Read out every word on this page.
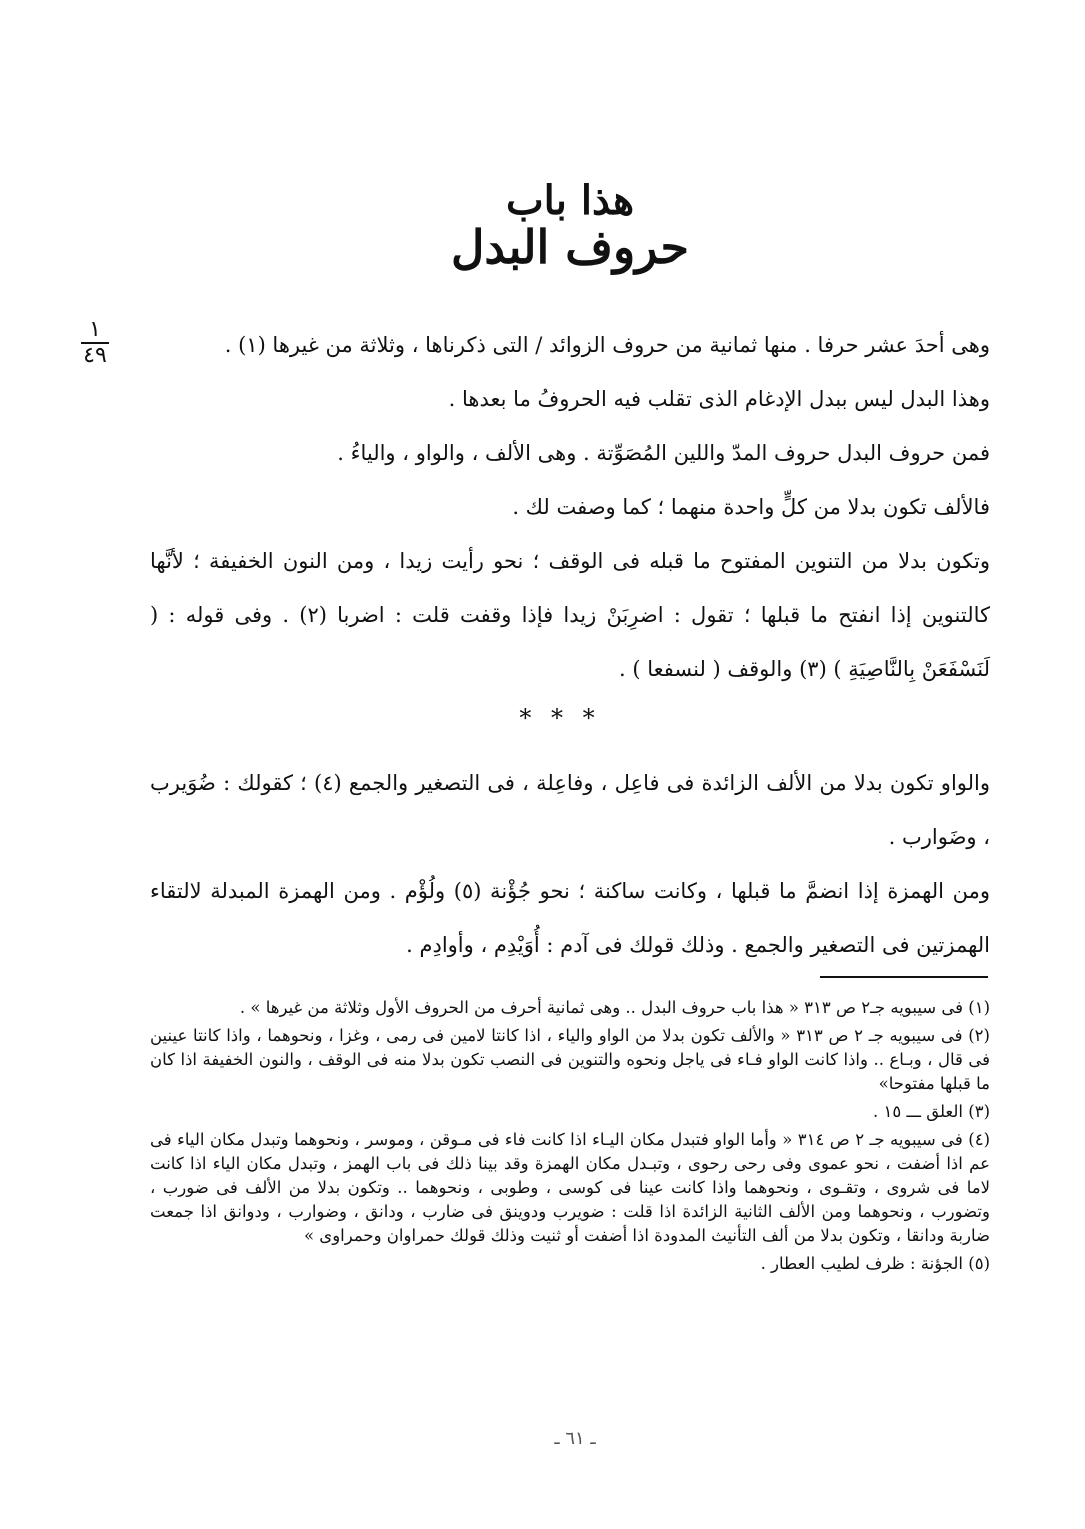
هذا باب
حروف البدل
١
٤٩	وهى أحدَ عشر حرفا . منها ثمانية من حروف الزوائد / التى ذكرناها ، وثلاثة من غيرها (١) .

وهذا البدل ليس ببدل الإدغام الذى تقلب فيه الحروفُ ما بعدها .

فمن حروف البدل حروف المدّ واللين المُصَوِّتة . وهى الألف ، والواو ، والياءُ .

فالألف تكون بدلا من كلٍّ واحدة منهما ؛ كما وصفت لك .

وتكون بدلا من التنوين المفتوح ما قبله فى الوقف ؛ نحو رأيت زيدا ، ومن النون الخفيفة ؛ لأنَّها كالتنوين إذا انفتح ما قبلها ؛ تقول : اضرِبَنْ زيدا فإذا وقفت قلت : اضربا (٢) . وفى قوله : ( لَنَسْفَعَنْ بِالنَّاصِيَةِ ) (٣) والوقف ( لنسفعا ) .

* * *

والواو تكون بدلا من الألف الزائدة فى فاعِل ، وفاعِلة ، فى التصغير والجمع (٤) ؛ كقولك : ضُوَيرب ، وضَوارب .

ومن الهمزة إذا انضمَّ ما قبلها ، وكانت ساكنة ؛ نحو جُؤْنة (٥) ولُؤْم . ومن الهمزة المبدلة لالتقاء الهمزتين فى التصغير والجمع . وذلك قولك فى آدم : أُوَيْدِم ، وأوادِم .

(١) فى سيبويه جـ٢ ص ٣١٣ « هذا باب حروف البدل .. وهى ثمانية أحرف من الحروف الأول وثلاثة من غيرها » .

(٢) فى سيبويه جـ ٢ ص ٣١٣ « والألف تكون بدلا من الواو والياء ، اذا كانتا لامين فى رمى ، وغزا ، ونحوهما ، واذا كانتا عينين فى قال ، وبـاع .. واذا كانت الواو فـاء فى ياجل ونحوه والتنوين فى النصب تكون بدلا منه فى الوقف ، والنون الخفيفة اذا كان ما قبلها مفتوحا»

(٣) العلق ـــ ١٥ .

(٤) فى سيبويه جـ ٢ ص ٣١٤ « وأما الواو فتبدل مكان اليـاء اذا كانت فاء فى مـوقن ، وموسر ، ونحوهما وتبدل مكان الياء فى عم اذا أضفت ، نحو عموى وفى رحى رحوى ، وتبـدل مكان الهمزة وقد بينا ذلك فى باب الهمز ، وتبدل مكان الياء اذا كانت لاما فى شروى ، وتقـوى ، ونحوهما واذا كانت عينا فى كوسى ، وطوبى ، ونحوهما .. وتكون بدلا من الألف فى ضورب ، وتضورب ، ونحوهما ومن الألف الثانية الزائدة اذا قلت : ضويرب ودوينق فى ضارب ، ودانق ، وضوارب ، ودوانق اذا جمعت ضاربة ودانقا ، وتكون بدلا من ألف التأنيث المدودة اذا أضفت أو ثنيت وذلك قولك حمراوان وحمراوى »

(٥) الجؤنة : ظرف لطيب العطار .

ـ ٦١ ـ
